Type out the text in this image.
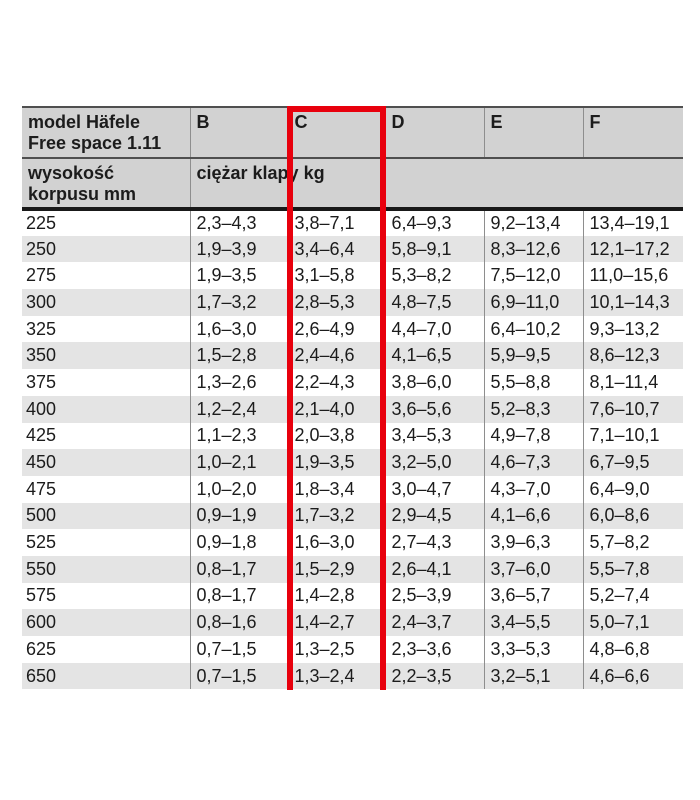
model Häfele
Free space 1.11	B	C	D	E	F

wysokość
korpusu mm	ciężar klapy kg				
225	2,3–4,3	3,8–7,1	6,4–9,3	9,2–13,4	13,4–19,1
250	1,9–3,9	3,4–6,4	5,8–9,1	8,3–12,6	12,1–17,2
275	1,9–3,5	3,1–5,8	5,3–8,2	7,5–12,0	11,0–15,6
300	1,7–3,2	2,8–5,3	4,8–7,5	6,9–11,0	10,1–14,3
325	1,6–3,0	2,6–4,9	4,4–7,0	6,4–10,2	9,3–13,2
350	1,5–2,8	2,4–4,6	4,1–6,5	5,9–9,5	8,6–12,3
375	1,3–2,6	2,2–4,3	3,8–6,0	5,5–8,8	8,1–11,4
400	1,2–2,4	2,1–4,0	3,6–5,6	5,2–8,3	7,6–10,7
425	1,1–2,3	2,0–3,8	3,4–5,3	4,9–7,8	7,1–10,1
450	1,0–2,1	1,9–3,5	3,2–5,0	4,6–7,3	6,7–9,5
475	1,0–2,0	1,8–3,4	3,0–4,7	4,3–7,0	6,4–9,0
500	0,9–1,9	1,7–3,2	2,9–4,5	4,1–6,6	6,0–8,6
525	0,9–1,8	1,6–3,0	2,7–4,3	3,9–6,3	5,7–8,2
550	0,8–1,7	1,5–2,9	2,6–4,1	3,7–6,0	5,5–7,8
575	0,8–1,7	1,4–2,8	2,5–3,9	3,6–5,7	5,2–7,4
600	0,8–1,6	1,4–2,7	2,4–3,7	3,4–5,5	5,0–7,1
625	0,7–1,5	1,3–2,5	2,3–3,6	3,3–5,3	4,8–6,8
650	0,7–1,5	1,3–2,4	2,2–3,5	3,2–5,1	4,6–6,6
